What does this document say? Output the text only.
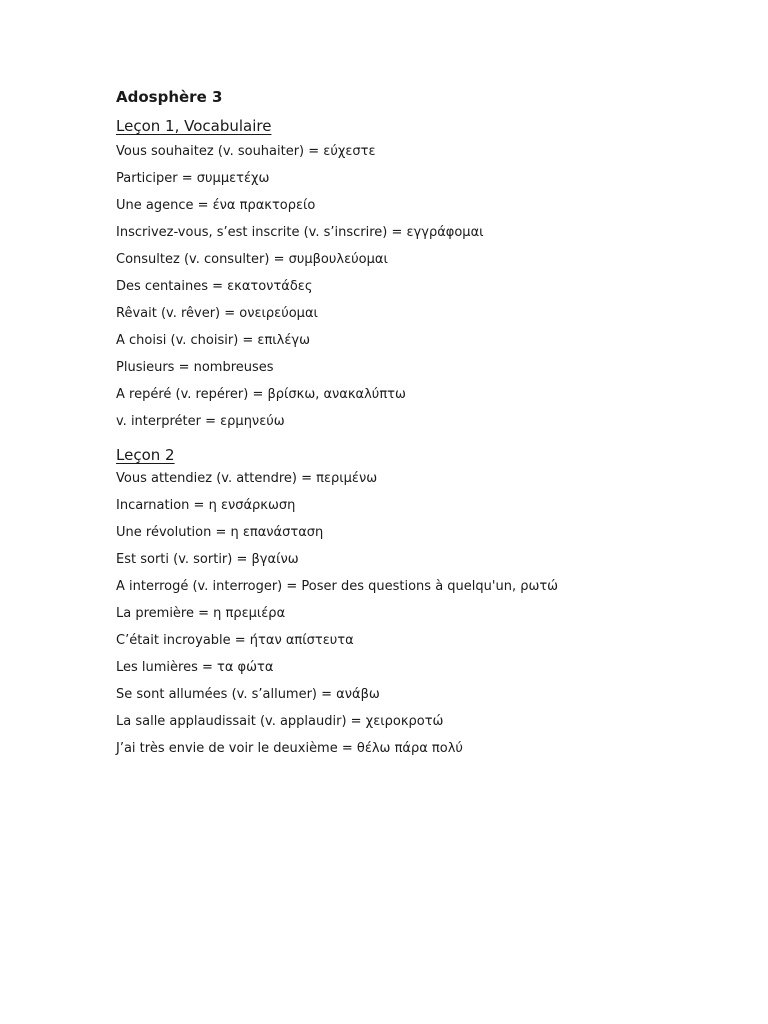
Adosphère 3
Leçon 1, Vocabulaire
Vous souhaitez (v. souhaiter) = εύχεστε
Participer = συμμετέχω
Une agence = ένα πρακτορείο
Inscrivez-vous, s’est inscrite (v. s’inscrire) = εγγράφομαι
Consultez (v. consulter) = συμβουλεύομαι
Des centaines = εκατοντάδες
Rêvait (v. rêver) = ονειρεύομαι
A choisi (v. choisir) = επιλέγω
Plusieurs = nombreuses
A repéré (v. repérer) = βρίσκω, ανακαλύπτω
v. interpréter = ερμηνεύω
Leçon 2
Vous attendiez (v. attendre) = περιμένω
Incarnation = η ενσάρκωση
Une révolution = η επανάσταση
Est sorti (v. sortir) = βγαίνω
A interrogé (v. interroger) = Poser des questions à quelqu'un, ρωτώ
La première = η πρεμιέρα
C’était incroyable = ήταν απίστευτα
Les lumières = τα φώτα
Se sont allumées (v. s’allumer) = ανάβω
La salle applaudissait (v. applaudir) = χειροκροτώ
J’ai très envie de voir le deuxième = θέλω πάρα πολύ
